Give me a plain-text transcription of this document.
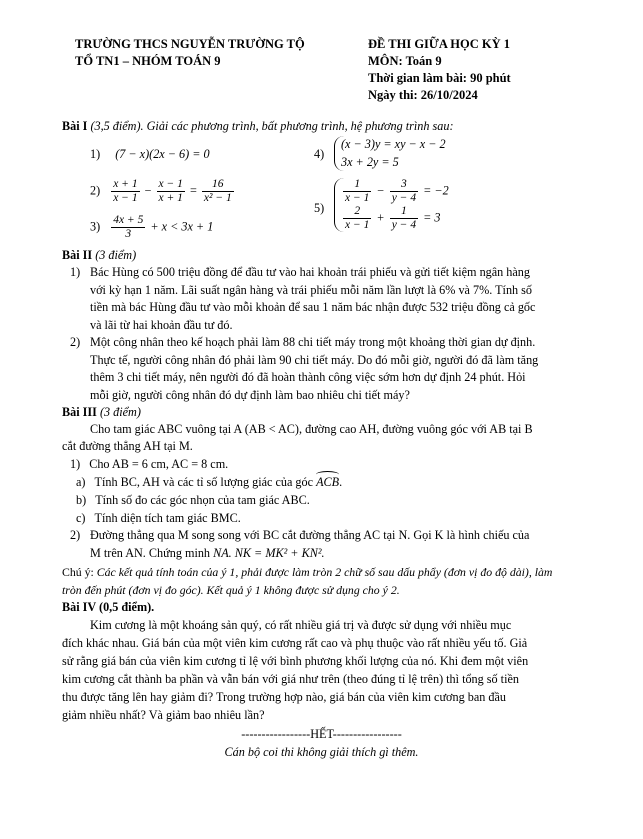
TRƯỜNG THCS NGUYỄN TRƯỜNG TỘ
TỔ TN1 – NHÓM TOÁN 9
ĐỀ THI GIỮA HỌC KỲ 1
MÔN: Toán 9
Thời gian làm bài: 90 phút
Ngày thi: 26/10/2024
Bài I (3,5 điểm). Giải các phương trình, bất phương trình, hệ phương trình sau:
1) (7 − x)(2x − 6) = 0
$2) \frac{x + 1}{x - 1} - \frac{x - 1}{x + 1} = \frac{16}{\text{x² − 1}}$
$3) \frac{4x + 5}{3} + x < 3x + 1$
4)
(x − 3)y = xy − x − 2
3x + 2y = 5
5)
$\frac{1}{x - 1} - \frac{3}{y - 4} = -2$
$\frac{2}{x - 1} + \frac{1}{y - 4} = 3$
Bài II (3 điểm)
1) Bác Hùng có 500 triệu đồng để đầu tư vào hai khoản trái phiếu và gửi tiết kiệm ngân hàng
với kỳ hạn 1 năm. Lãi suất ngân hàng và trái phiếu mỗi năm lần lượt là 6% và 7%. Tính số
tiền mà bác Hùng đầu tư vào mỗi khoản để sau 1 năm bác nhận được 532 triệu đồng cả gốc
và lãi từ hai khoản đầu tư đó.
2) Một công nhân theo kế hoạch phải làm 88 chi tiết máy trong một khoảng thời gian dự định.
Thực tế, người công nhân đó phải làm 90 chi tiết máy. Do đó mỗi giờ, người đó đã làm tăng
thêm 3 chi tiết máy, nên người đó đã hoàn thành công việc sớm hơn dự định 24 phút. Hỏi
mỗi giờ, người công nhân đó dự định làm bao nhiêu chi tiết máy?
Bài III (3 điểm)
Cho tam giác ABC vuông tại A (AB < AC), đường cao AH, đường vuông góc với AB tại B
cắt đường thẳng AH tại M.
1) Cho AB = 6 cm, AC = 8 cm.
a) Tính BC, AH và các tỉ số lượng giác của góc ACB.
b) Tính số đo các góc nhọn của tam giác ABC.
c) Tính diện tích tam giác BMC.
2) Đường thẳng qua M song song với BC cắt đường thẳng AC tại N. Gọi K là hình chiếu của
M trên AN. Chứng minh NA. NK = MK² + KN².
Chú ý: Các kết quả tính toán của ý 1, phải được làm tròn 2 chữ số sau dấu phẩy (đơn vị đo độ dài), làm
tròn đến phút (đơn vị đo góc). Kết quả ý 1 không được sử dụng cho ý 2.
Bài IV (0,5 điểm).
Kim cương là một khoáng sản quý, có rất nhiều giá trị và được sử dụng với nhiều mục
đích khác nhau. Giá bán của một viên kim cương rất cao và phụ thuộc vào rất nhiều yếu tố. Giả
sử rằng giá bán của viên kim cương tỉ lệ với bình phương khối lượng của nó. Khi đem một viên
kim cương cắt thành ba phần và vẫn bán với giá như trên (theo đúng tỉ lệ trên) thì tổng số tiền
thu được tăng lên hay giảm đi? Trong trường hợp nào, giá bán của viên kim cương ban đầu
giảm nhiều nhất? Và giảm bao nhiêu lần?
-----------------HẾT-----------------
Cán bộ coi thi không giải thích gì thêm.
